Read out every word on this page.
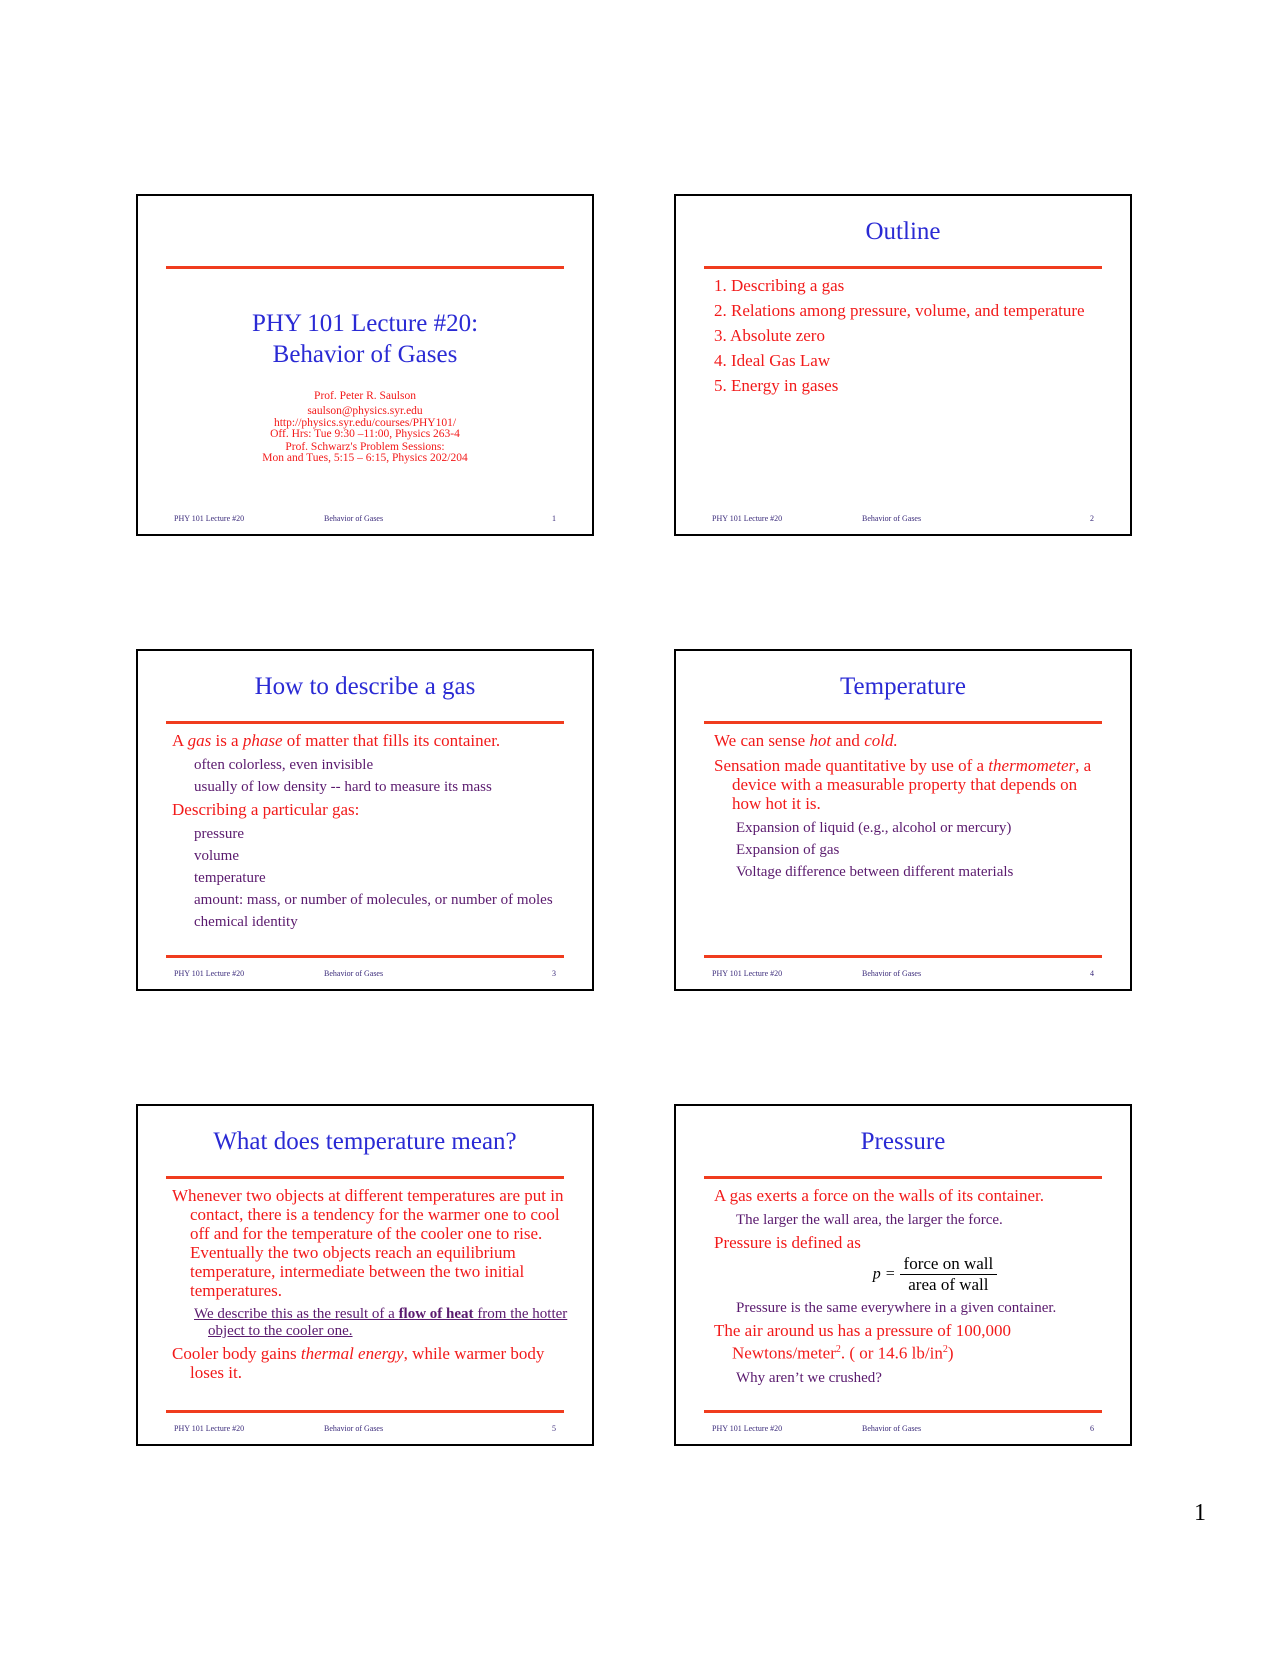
PHY 101 Lecture #20:
Behavior of Gases
Prof. Peter R. Saulson
saulson@physics.syr.edu
http://physics.syr.edu/courses/PHY101/
Off. Hrs: Tue 9:30 –11:00, Physics 263-4
Prof. Schwarz's Problem Sessions:
Mon and Tues, 5:15 – 6:15, Physics 202/204
PHY 101 Lecture #20	Behavior of Gases	1
Outline
1. Describing a gas
2. Relations among pressure, volume, and temperature
3. Absolute zero
4. Ideal Gas Law
5. Energy in gases
PHY 101 Lecture #20	Behavior of Gases	2
How to describe a gas
A gas is a phase of matter that fills its container.
often colorless, even invisible
usually of low density -- hard to measure its mass
Describing a particular gas:
pressure
volume
temperature
amount: mass, or number of molecules, or number of moles
chemical identity
PHY 101 Lecture #20	Behavior of Gases	3
Temperature
We can sense hot and cold.
Sensation made quantitative by use of a thermometer, a device with a measurable property that depends on how hot it is.
Expansion of liquid (e.g., alcohol or mercury)
Expansion of gas
Voltage difference between different materials
PHY 101 Lecture #20	Behavior of Gases	4
What does temperature mean?
Whenever two objects at different temperatures are put in contact, there is a tendency for the warmer one to cool off and for the temperature of the cooler one to rise. Eventually the two objects reach an equilibrium temperature, intermediate between the two initial temperatures.
We describe this as the result of a flow of heat from the hotter object to the cooler one.
Cooler body gains thermal energy, while warmer body loses it.
PHY 101 Lecture #20	Behavior of Gases	5
Pressure
A gas exerts a force on the walls of its container.
The larger the wall area, the larger the force.
Pressure is defined as
$p = \frac{\text{force on wall}}{\text{area of wall}}$
Pressure is the same everywhere in a given container.
The air around us has a pressure of 100,000 Newtons/meter$^2$. ( or 14.6 $lb/in^2$)
Why aren’t we crushed?
PHY 101 Lecture #20	Behavior of Gases	6
1
